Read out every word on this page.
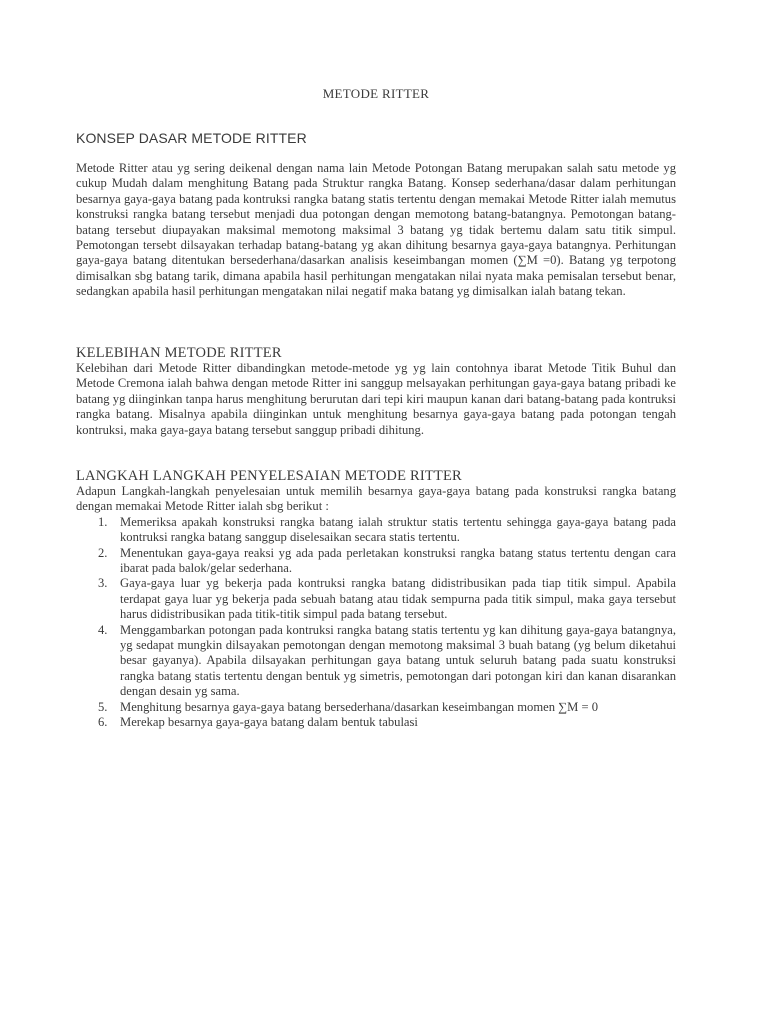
METODE RITTER
KONSEP DASAR METODE RITTER

Metode Ritter atau yg sering deikenal dengan nama lain Metode Potongan Batang merupakan salah satu metode yg cukup Mudah dalam menghitung Batang pada Struktur rangka Batang. Konsep sederhana/dasar dalam perhitungan besarnya gaya-gaya batang pada kontruksi rangka batang statis tertentu dengan memakai Metode Ritter ialah memutus konstruksi rangka batang tersebut menjadi dua potongan dengan memotong batang-batangnya. Pemotongan batang-batang tersebut diupayakan maksimal memotong maksimal 3 batang yg tidak bertemu dalam satu titik simpul. Pemotongan tersebt dilsayakan terhadap batang-batang yg akan dihitung besarnya gaya-gaya batangnya. Perhitungan gaya-gaya batang ditentukan bersederhana/dasarkan analisis keseimbangan momen (∑M =0). Batang yg terpotong dimisalkan sbg batang tarik, dimana apabila hasil perhitungan mengatakan nilai nyata maka pemisalan tersebut benar, sedangkan apabila hasil perhitungan mengatakan nilai negatif maka batang yg dimisalkan ialah batang tekan.

KELEBIHAN METODE RITTER

Kelebihan dari Metode Ritter dibandingkan metode-metode yg yg lain contohnya ibarat Metode Titik Buhul dan Metode Cremona ialah bahwa dengan metode Ritter ini sanggup melsayakan perhitungan gaya-gaya batang pribadi ke batang yg diinginkan tanpa harus menghitung berurutan dari tepi kiri maupun kanan dari batang-batang pada kontruksi rangka batang. Misalnya apabila diinginkan untuk menghitung besarnya gaya-gaya batang pada potongan tengah kontruksi, maka gaya-gaya batang tersebut sanggup pribadi dihitung.

LANGKAH LANGKAH PENYELESAIAN METODE RITTER

Adapun Langkah-langkah penyelesaian untuk memilih besarnya gaya-gaya batang pada konstruksi rangka batang dengan memakai Metode Ritter ialah sbg berikut :

1. Memeriksa apakah konstruksi rangka batang ialah struktur statis tertentu sehingga gaya-gaya batang pada kontruksi rangka batang sanggup diselesaikan secara statis tertentu.
2. Menentukan gaya-gaya reaksi yg ada pada perletakan konstruksi rangka batang status tertentu dengan cara ibarat pada balok/gelar sederhana.
3. Gaya-gaya luar yg bekerja pada kontruksi rangka batang didistribusikan pada tiap titik simpul. Apabila terdapat gaya luar yg bekerja pada sebuah batang atau tidak sempurna pada titik simpul, maka gaya tersebut harus didistribusikan pada titik-titik simpul pada batang tersebut.
4. Menggambarkan potongan pada kontruksi rangka batang statis tertentu yg kan dihitung gaya-gaya batangnya, yg sedapat mungkin dilsayakan pemotongan dengan memotong maksimal 3 buah batang (yg belum diketahui besar gayanya). Apabila dilsayakan perhitungan gaya batang untuk seluruh batang pada suatu konstruksi rangka batang statis tertentu dengan bentuk yg simetris, pemotongan dari potongan kiri dan kanan disarankan dengan desain yg sama.
5. Menghitung besarnya gaya-gaya batang bersederhana/dasarkan keseimbangan momen ∑M = 0
6. Merekap besarnya gaya-gaya batang dalam bentuk tabulasi
